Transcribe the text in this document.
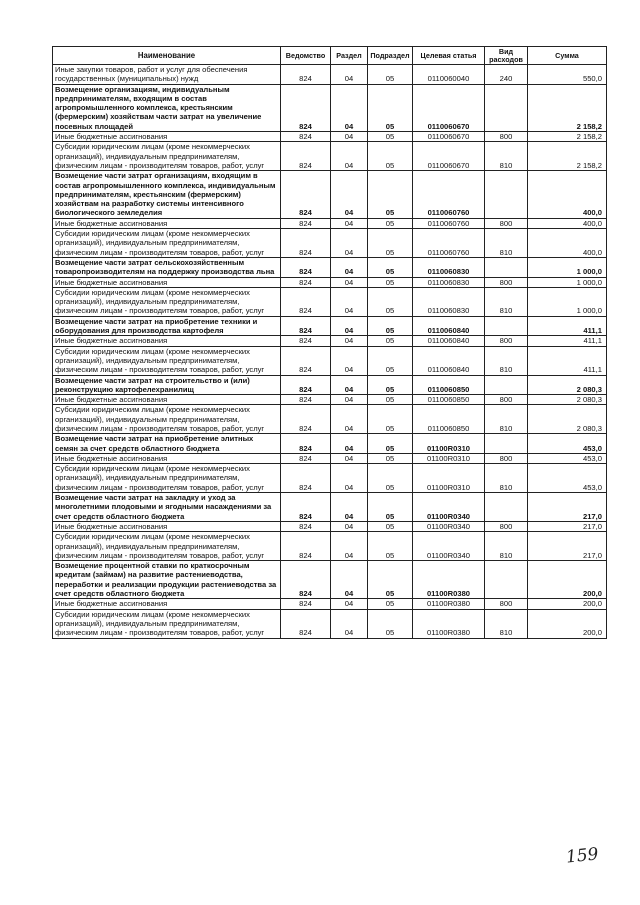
Наименование	Ведомство	Раздел	Подраздел	Целевая статья	Вид расходов	Сумма
Иные закупки товаров, работ и услуг для обеспечения государственных (муниципальных) нужд	824	04	05	0110060040	240	550,0
Возмещение организациям, индивидуальным предпринимателям, входящим в состав агропромышленного комплекса, крестьянским (фермерским) хозяйствам части затрат на увеличение посевных площадей	824	04	05	0110060670		2 158,2
Иные бюджетные ассигнования	824	04	05	0110060670	800	2 158,2
Субсидии юридическим лицам (кроме некоммерческих организаций), индивидуальным предпринимателям, физическим лицам - производителям товаров, работ, услуг	824	04	05	0110060670	810	2 158,2
Возмещение части затрат организациям, входящим в состав агропромышленного комплекса, индивидуальным предпринимателям, крестьянским (фермерским) хозяйствам на разработку системы интенсивного биологического земледелия	824	04	05	0110060760		400,0
Иные бюджетные ассигнования	824	04	05	0110060760	800	400,0
Субсидии юридическим лицам (кроме некоммерческих организаций), индивидуальным предпринимателям, физическим лицам - производителям товаров, работ, услуг	824	04	05	0110060760	810	400,0
Возмещение части затрат сельскохозяйственным товаропроизводителям на поддержку производства льна	824	04	05	0110060830		1 000,0
Иные бюджетные ассигнования	824	04	05	0110060830	800	1 000,0
Субсидии юридическим лицам (кроме некоммерческих организаций), индивидуальным предпринимателям, физическим лицам - производителям товаров, работ, услуг	824	04	05	0110060830	810	1 000,0
Возмещение части затрат на приобретение техники и оборудования для производства картофеля	824	04	05	0110060840		411,1
Иные бюджетные ассигнования	824	04	05	0110060840	800	411,1
Субсидии юридическим лицам (кроме некоммерческих организаций), индивидуальным предпринимателям, физическим лицам - производителям товаров, работ, услуг	824	04	05	0110060840	810	411,1
Возмещение части затрат на строительство и (или) реконструкцию картофелехранилищ	824	04	05	0110060850		2 080,3
Иные бюджетные ассигнования	824	04	05	0110060850	800	2 080,3
Субсидии юридическим лицам (кроме некоммерческих организаций), индивидуальным предпринимателям, физическим лицам - производителям товаров, работ, услуг	824	04	05	0110060850	810	2 080,3
Возмещение части затрат на приобретение элитных семян за счет средств областного бюджета	824	04	05	01100R0310		453,0
Иные бюджетные ассигнования	824	04	05	01100R0310	800	453,0
Субсидии юридическим лицам (кроме некоммерческих организаций), индивидуальным предпринимателям, физическим лицам - производителям товаров, работ, услуг	824	04	05	01100R0310	810	453,0
Возмещение части затрат на закладку и уход за многолетними плодовыми и ягодными насаждениями за счет средств областного бюджета	824	04	05	01100R0340		217,0
Иные бюджетные ассигнования	824	04	05	01100R0340	800	217,0
Субсидии юридическим лицам (кроме некоммерческих организаций), индивидуальным предпринимателям, физическим лицам - производителям товаров, работ, услуг	824	04	05	01100R0340	810	217,0
Возмещение процентной ставки по краткосрочным кредитам (займам) на развитие растениеводства, переработки и реализации продукции растениеводства за счет средств областного бюджета	824	04	05	01100R0380		200,0
Иные бюджетные ассигнования	824	04	05	01100R0380	800	200,0
Субсидии юридическим лицам (кроме некоммерческих организаций), индивидуальным предпринимателям, физическим лицам - производителям товаров, работ, услуг	824	04	05	01100R0380	810	200,0
159
